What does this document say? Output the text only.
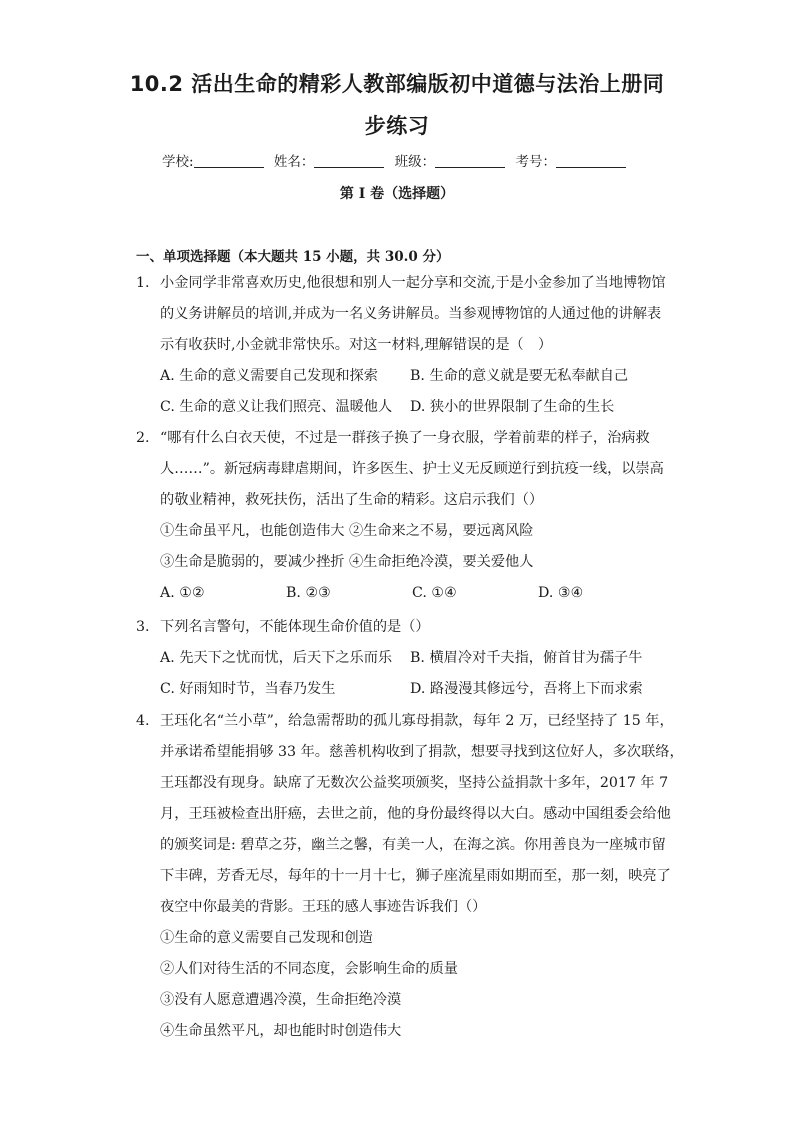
10.2 活出生命的精彩人教部编版初中道德与法治上册同
步练习
学校:	姓名：	班级：	考号：
第 I 卷（选择题）
一、单项选择题（本大题共 15 小题，共 30.0 分）
1. 小金同学非常喜欢历史,他很想和别人一起分享和交流,于是小金参加了当地博物馆
的义务讲解员的培训,并成为一名义务讲解员。当参观博物馆的人通过他的讲解表
示有收获时,小金就非常快乐。对这一材料,理解错误的是（　）
A. 生命的意义需要自己发现和探索	B. 生命的意义就是要无私奉献自己
C. 生命的意义让我们照亮、温暖他人	D. 狭小的世界限制了生命的生长
2. “哪有什么白衣天使，不过是一群孩子换了一身衣服，学着前辈的样子，治病救
人……”。新冠病毒肆虐期间，许多医生、护士义无反顾逆行到抗疫一线，以崇高
的敬业精神，救死扶伤，活出了生命的精彩。这启示我们（）
①生命虽平凡，也能创造伟大 ②生命来之不易，要远离风险
③生命是脆弱的，要减少挫折 ④生命拒绝冷漠，要关爱他人
A. ①②	B. ②③	C. ①④	D. ③④
3. 下列名言警句，不能体现生命价值的是（）
A. 先天下之忧而忧，后天下之乐而乐	B. 横眉冷对千夫指，俯首甘为孺子牛
C. 好雨知时节，当春乃发生	D. 路漫漫其修远兮，吾将上下而求索
4. 王珏化名“兰小草”，给急需帮助的孤儿寡母捐款，每年 2 万，已经坚持了 15 年，
并承诺希望能捐够 33 年。慈善机构收到了捐款，想要寻找到这位好人，多次联络，
王珏都没有现身。缺席了无数次公益奖项颁奖，坚持公益捐款十多年，2017 年 7
月，王珏被检查出肝癌，去世之前，他的身份最终得以大白。感动中国组委会给他
的颁奖词是: 碧草之芬，幽兰之馨，有美一人，在海之滨。你用善良为一座城市留
下丰碑，芳香无尽，每年的十一月十七，狮子座流星雨如期而至，那一刻，映亮了
夜空中你最美的背影。王珏的感人事迹告诉我们（）
①生命的意义需要自己发现和创造
②人们对待生活的不同态度，会影响生命的质量
③没有人愿意遭遇冷漠，生命拒绝冷漠
④生命虽然平凡，却也能时时创造伟大
